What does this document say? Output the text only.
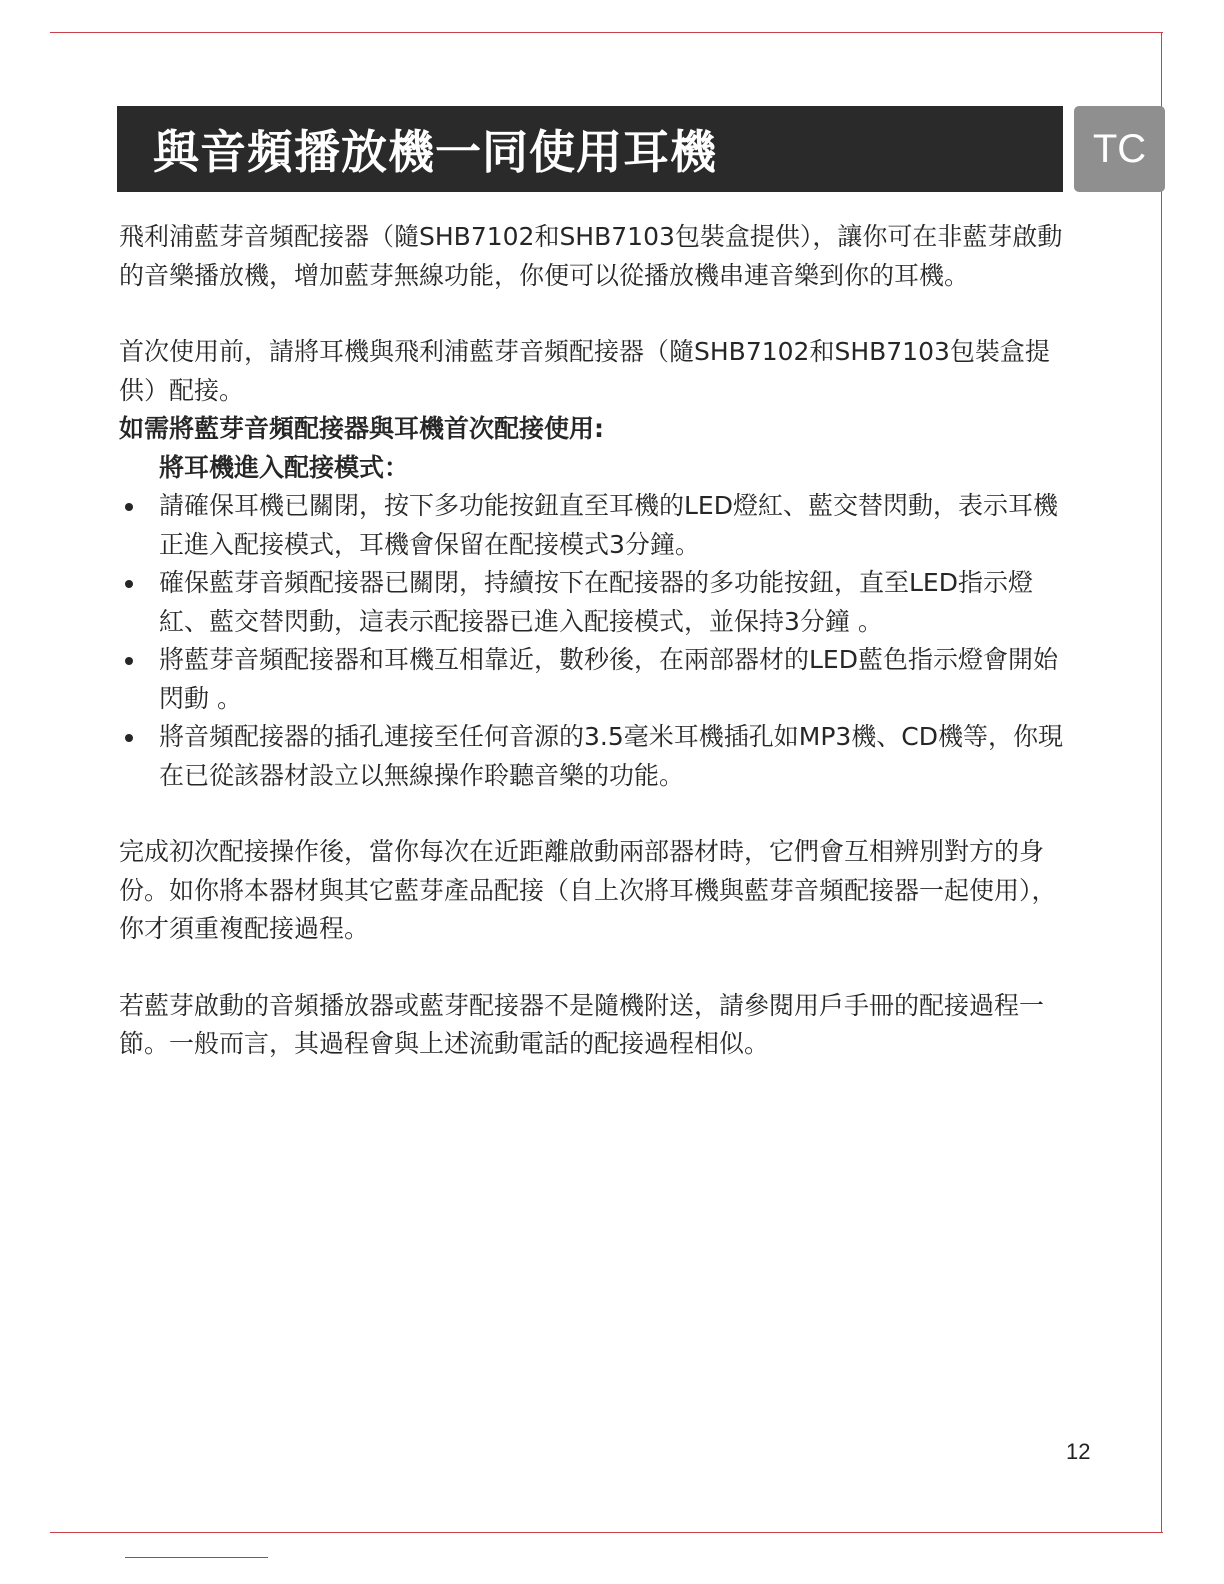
與音頻播放機一同使用耳機	TC

飛利浦藍芽音頻配接器（隨SHB7102和SHB7103包裝盒提供），讓你可在非藍芽啟動的音樂播放機，增加藍芽無線功能，你便可以從播放機串連音樂到你的耳機。

首次使用前，請將耳機與飛利浦藍芽音頻配接器（隨SHB7102和SHB7103包裝盒提供）配接。

如需將藍芽音頻配接器與耳機首次配接使用:

將耳機進入配接模式：

請確保耳機已關閉，按下多功能按鈕直至耳機的LED燈紅、藍交替閃動，表示耳機正進入配接模式，耳機會保留在配接模式3分鐘。
確保藍芽音頻配接器已關閉，持續按下在配接器的多功能按鈕，直至LED指示燈紅、藍交替閃動，這表示配接器已進入配接模式，並保持3分鐘 。
將藍芽音頻配接器和耳機互相靠近，數秒後，在兩部器材的LED藍色指示燈會開始閃動 。
將音頻配接器的插孔連接至任何音源的3.5毫米耳機插孔如MP3機、CD機等，你現在已從該器材設立以無線操作聆聽音樂的功能。

完成初次配接操作後，當你每次在近距離啟動兩部器材時，它們會互相辨別對方的身份。如你將本器材與其它藍芽產品配接（自上次將耳機與藍芽音頻配接器一起使用），你才須重複配接過程。

若藍芽啟動的音頻播放器或藍芽配接器不是隨機附送，請參閱用戶手冊的配接過程一節。一般而言，其過程會與上述流動電話的配接過程相似。

12
